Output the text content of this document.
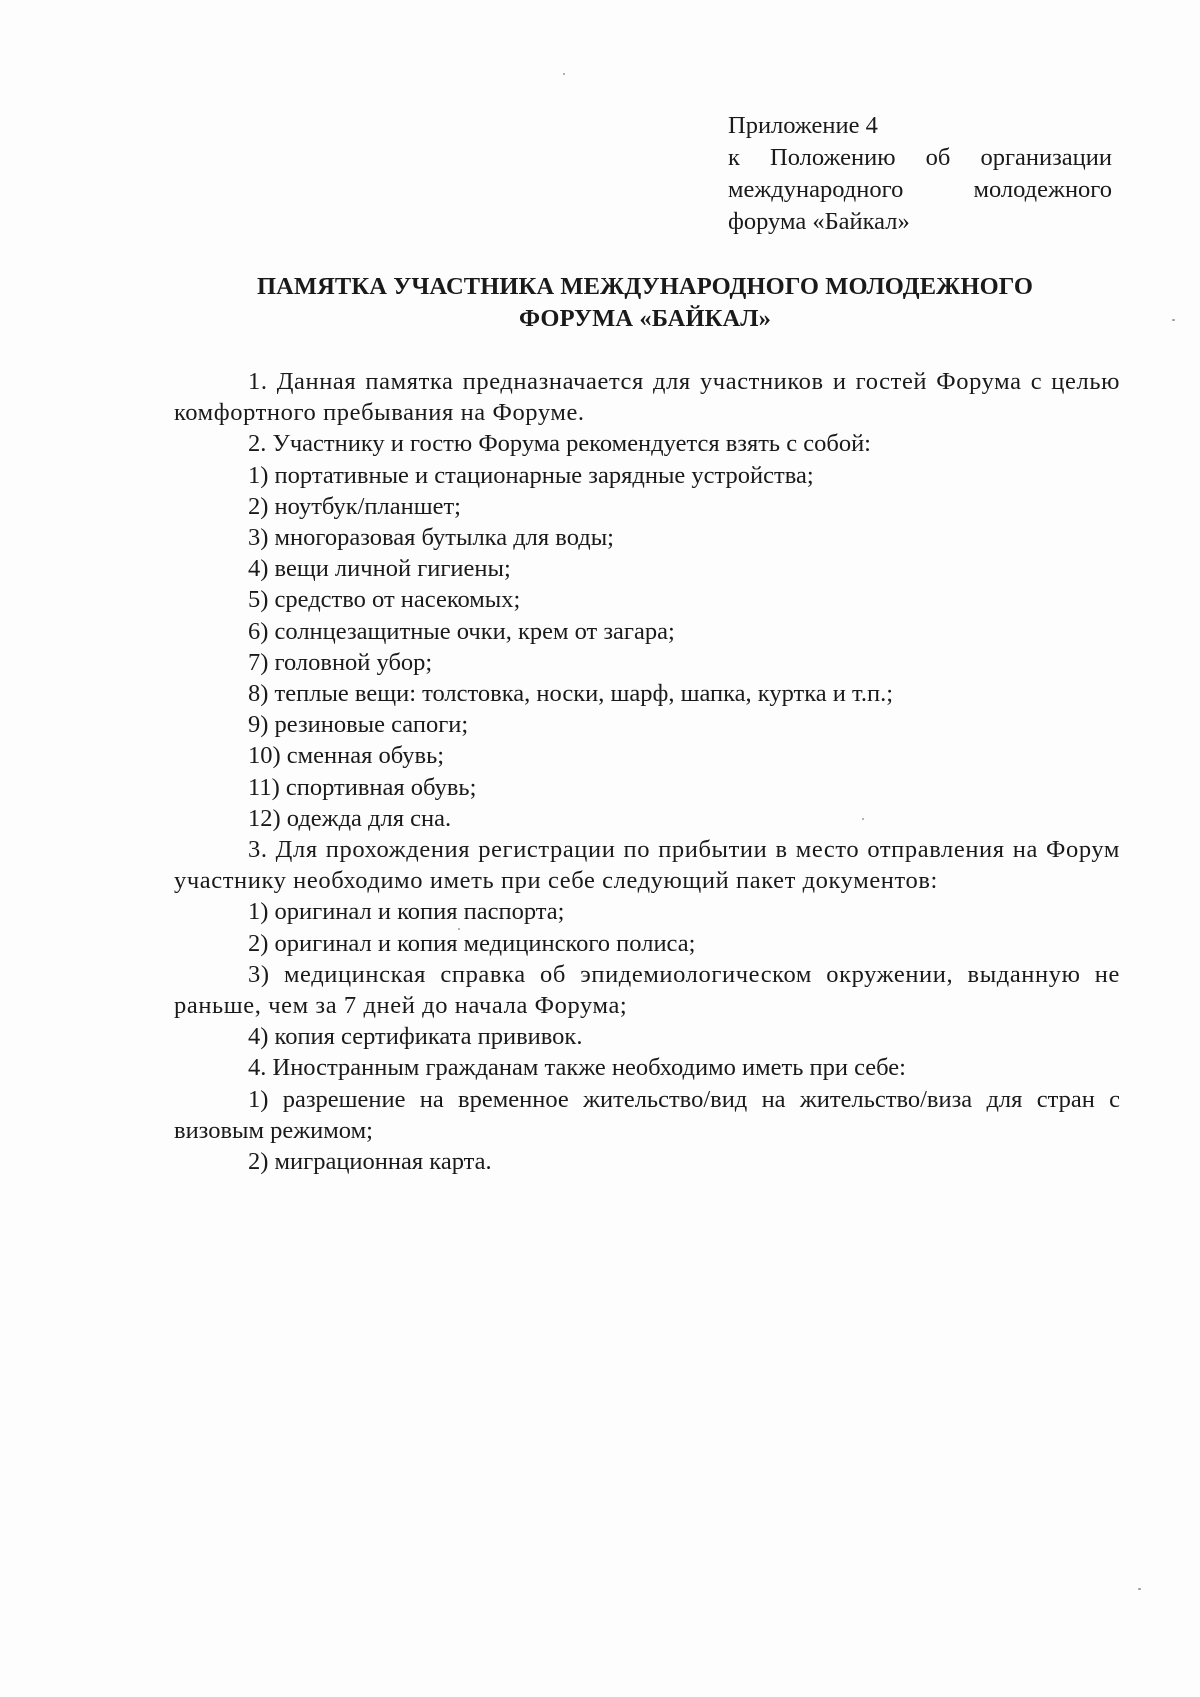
Приложение 4
к Положению об организации
международного молодежного
форума «Байкал»
ПАМЯТКА УЧАСТНИКА МЕЖДУНАРОДНОГО МОЛОДЕЖНОГО
ФОРУМА «БАЙКАЛ»

1. Данная памятка предназначается для участников и гостей Форума с целью комфортного пребывания на Форуме.

2. Участнику и гостю Форума рекомендуется взять с собой:

1) портативные и стационарные зарядные устройства;

2) ноутбук/планшет;

3) многоразовая бутылка для воды;

4) вещи личной гигиены;

5) средство от насекомых;

6) солнцезащитные очки, крем от загара;

7) головной убор;

8) теплые вещи: толстовка, носки, шарф, шапка, куртка и т.п.;

9) резиновые сапоги;

10) сменная обувь;

11) спортивная обувь;

12) одежда для сна.

3. Для прохождения регистрации по прибытии в место отправления на Форум участнику необходимо иметь при себе следующий пакет документов:

1) оригинал и копия паспорта;

2) оригинал и копия медицинского полиса;

3) медицинская справка об эпидемиологическом окружении, выданную не раньше, чем за 7 дней до начала Форума;

4) копия сертификата прививок.

4. Иностранным гражданам также необходимо иметь при себе:

1) разрешение на временное жительство/вид на жительство/виза для стран с визовым режимом;

2) миграционная карта.
